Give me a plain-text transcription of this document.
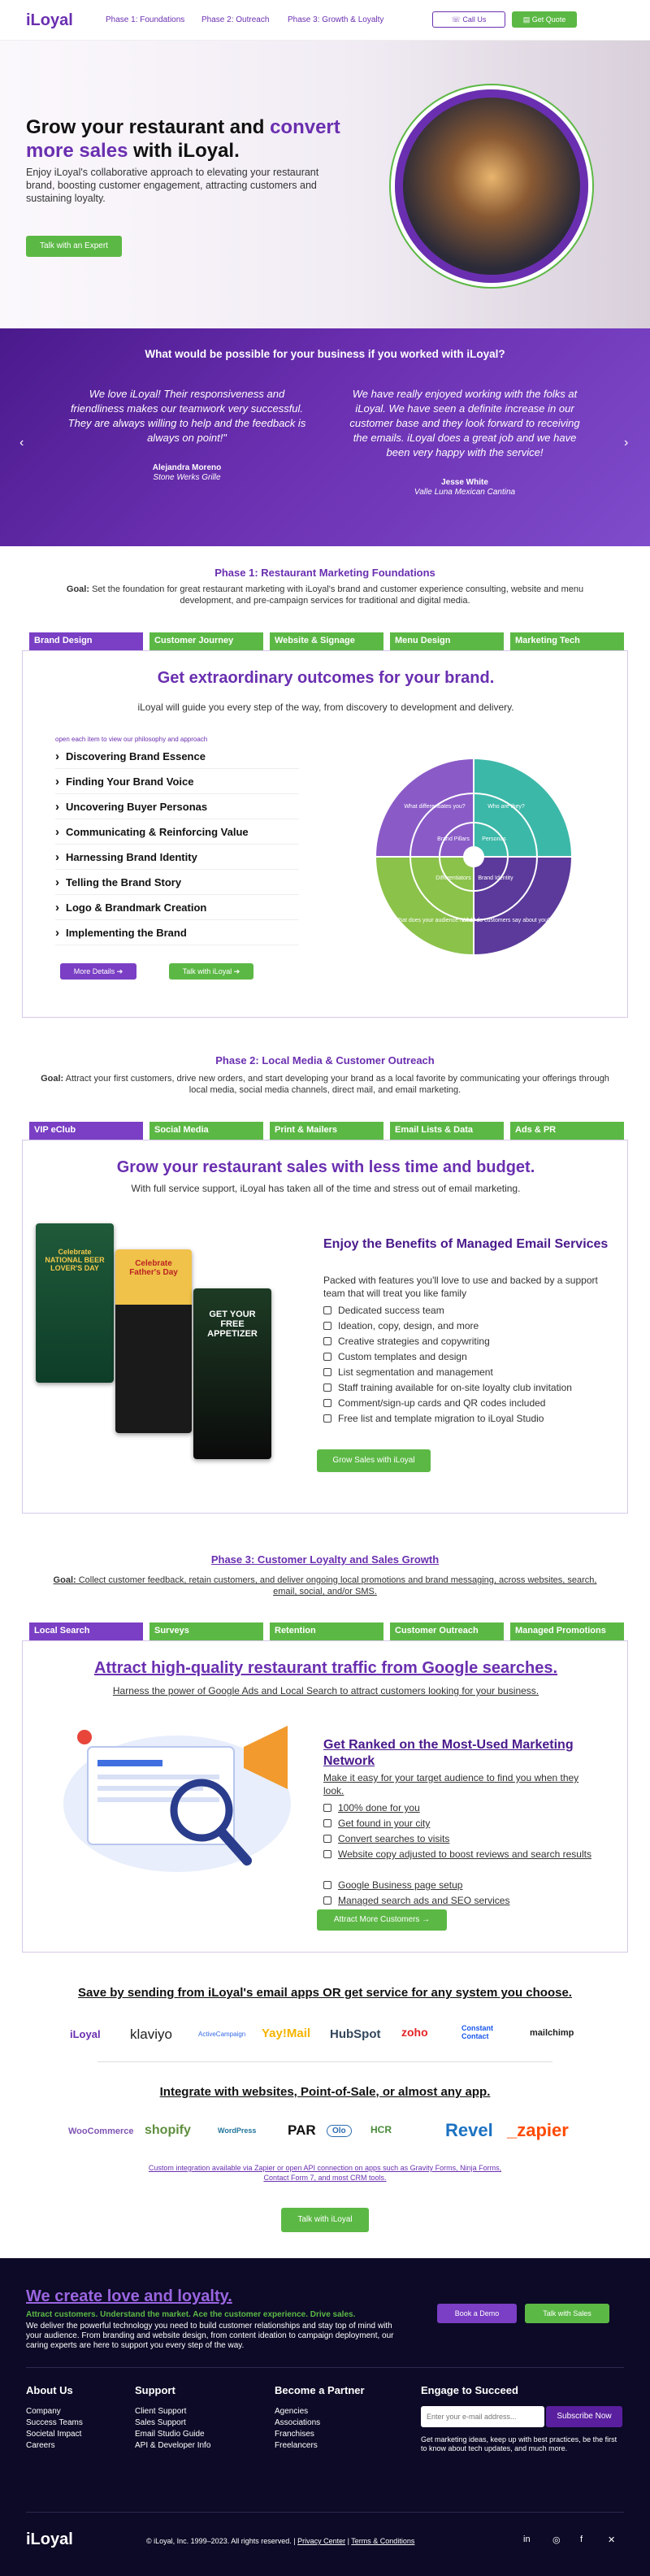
iLoyal	Phase 1: Foundations Phase 2: Outreach Phase 3: Growth & Loyalty	☏ Call Us	▤ Get Quote
Grow your restaurant and convert more sales with iLoyal.

Enjoy iLoyal's collaborative approach to elevating your restaurant brand, boosting customer engagement, attracting customers and sustaining loyalty.

Talk with an Expert
What would be possible for your business if you worked with iLoyal?
‹	›
We love iLoyal! Their responsiveness and friendliness makes our teamwork very successful. They are always willing to help and the feedback is always on point!"
Alejandra Moreno
Stone Werks Grille
We have really enjoyed working with the folks at iLoyal. We have seen a definite increase in our customer base and they look forward to receiving the emails. iLoyal does a great job and we have been very happy with the service!
Jesse White
Valle Luna Mexican Cantina
Phase 1: Restaurant Marketing Foundations
Goal: Set the foundation for great restaurant marketing with iLoyal's brand and customer experience consulting, website and menu development, and pre-campaign services for traditional and digital media.
Brand Design	Customer Journey	Website & Signage	Menu Design	Marketing Tech
Get extraordinary outcomes for your brand.
iLoyal will guide you every step of the way, from discovery to development and delivery.
open each item to view our philosophy and approach
› Discovering Brand Essence
› Finding Your Brand Voice
› Uncovering Buyer Personas
› Communicating & Reinforcing Value
› Harnessing Brand Identity
› Telling the Brand Story
› Logo & Brandmark Creation
› Implementing the Brand
More Details ➔	Talk with iLoyal ➔
Who are they?
What do customers say about you?
What does your audience need?
What differentiates you?
Personas
Brand Pillars
Differentiators Brand Identity
Phase 2: Local Media & Customer Outreach
Goal: Attract your first customers, drive new orders, and start developing your brand as a local favorite by communicating your offerings through local media, social media channels, direct mail, and email marketing.
VIP eClub	Social Media	Print & Mailers	Email Lists & Data	Ads & PR
Grow your restaurant sales with less time and budget.
With full service support, iLoyal has taken all of the time and stress out of email marketing.
Celebrate NATIONAL BEER LOVER'S DAY	Celebrate Father's Day
GET YOUR FREE APPETIZER
Enjoy the Benefits of Managed Email Services
Packed with features you'll love to use and backed by a support team that will treat you like family
Dedicated success team
Ideation, copy, design, and more
Creative strategies and copywriting
Custom templates and design
List segmentation and management
Staff training available for on-site loyalty club invitation
Comment/sign-up cards and QR codes included
Free list and template migration to iLoyal Studio
Grow Sales with iLoyal
Phase 3: Customer Loyalty and Sales Growth
Goal: Collect customer feedback, retain customers, and deliver ongoing local promotions and brand messaging, across websites, search, email, social, and/or SMS.
Local Search	Surveys	Retention	Customer Outreach	Managed Promotions
Attract high-quality restaurant traffic from Google searches.
Harness the power of Google Ads and Local Search to attract customers looking for your business.
Get Ranked on the Most-Used Marketing Network
Make it easy for your target audience to find you when they look.
100% done for you
Get found in your city
Convert searches to visits
Website copy adjusted to boost reviews and search results
Google Business page setup
Managed search ads and SEO services
Attract More Customers →
Save by sending from iLoyal's email apps OR get service for any system you choose.
iLoyal klaviyo	ActiveCampaign Yay!Mail HubSpot zoho	Constant Contact	mailchimp
Integrate with websites, Point-of-Sale, or almost any app.
WooCommerce shopify	WordPress PAR	Olo	HCR	Revel _zapier
Custom integration available via Zapier or open API connection on apps such as Gravity Forms, Ninja Forms, Contact Form 7, and most CRM tools.
Talk with iLoyal
We create love and loyalty.
Attract customers. Understand the market. Ace the customer experience. Drive sales.
We deliver the powerful technology you need to build customer relationships and stay top of mind with your audience. From branding and website design, from content ideation to campaign deployment, our caring experts are here to support you every step of the way.
Book a Demo	Talk with Sales
About Us
Company
Success Teams
Societal Impact
Careers
Support
Client Support
Sales Support
Email Studio Guide
API & Developer Info
Become a Partner
Agencies
Associations
Franchises
Freelancers
Engage to Succeed
Enter your e-mail address...
Subscribe Now
Get marketing ideas, keep up with best practices, be the first to know about tech updates, and much more.
iLoyal	© iLoyal, Inc. 1999–2023. All rights reserved. | Privacy Center | Terms & Conditions	in ◎ f	✕
